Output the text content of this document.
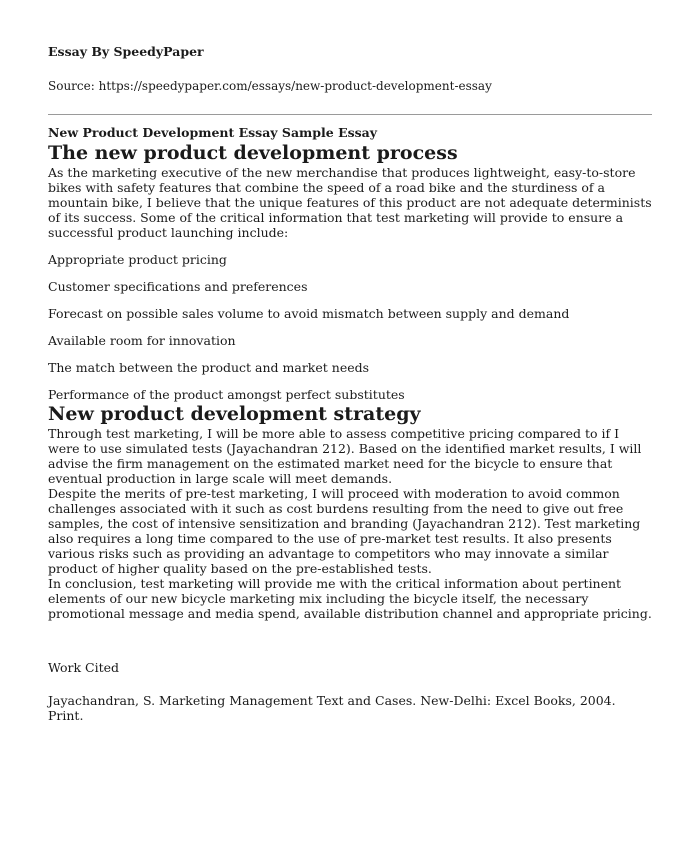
Essay By SpeedyPaper

Source: https://speedypaper.com/essays/new-product-development-essay

New Product Development Essay Sample Essay

The new product development process

As the marketing executive of the new merchandise that produces lightweight, easy-to-store bikes with safety features that combine the speed of a road bike and the sturdiness of a mountain bike, I believe that the unique features of this product are not adequate determinists of its success. Some of the critical information that test marketing will provide to ensure a successful product launching include:

Appropriate product pricing
Customer specifications and preferences
Forecast on possible sales volume to avoid mismatch between supply and demand
Available room for innovation
The match between the product and market needs
Performance of the product amongst perfect substitutes
New product development strategy

Through test marketing, I will be more able to assess competitive pricing compared to if I were to use simulated tests (Jayachandran 212). Based on the identified market results, I will advise the firm management on the estimated market need for the bicycle to ensure that eventual production in large scale will meet demands.

Despite the merits of pre-test marketing, I will proceed with moderation to avoid common challenges associated with it such as cost burdens resulting from the need to give out free samples, the cost of intensive sensitization and branding (Jayachandran 212). Test marketing also requires a long time compared to the use of pre-market test results. It also presents various risks such as providing an advantage to competitors who may innovate a similar product of higher quality based on the pre-established tests.

In conclusion, test marketing will provide me with the critical information about pertinent elements of our new bicycle marketing mix including the bicycle itself, the necessary promotional message and media spend, available distribution channel and appropriate pricing.

Work Cited

Jayachandran, S. Marketing Management Text and Cases. New-Delhi: Excel Books, 2004. Print.
